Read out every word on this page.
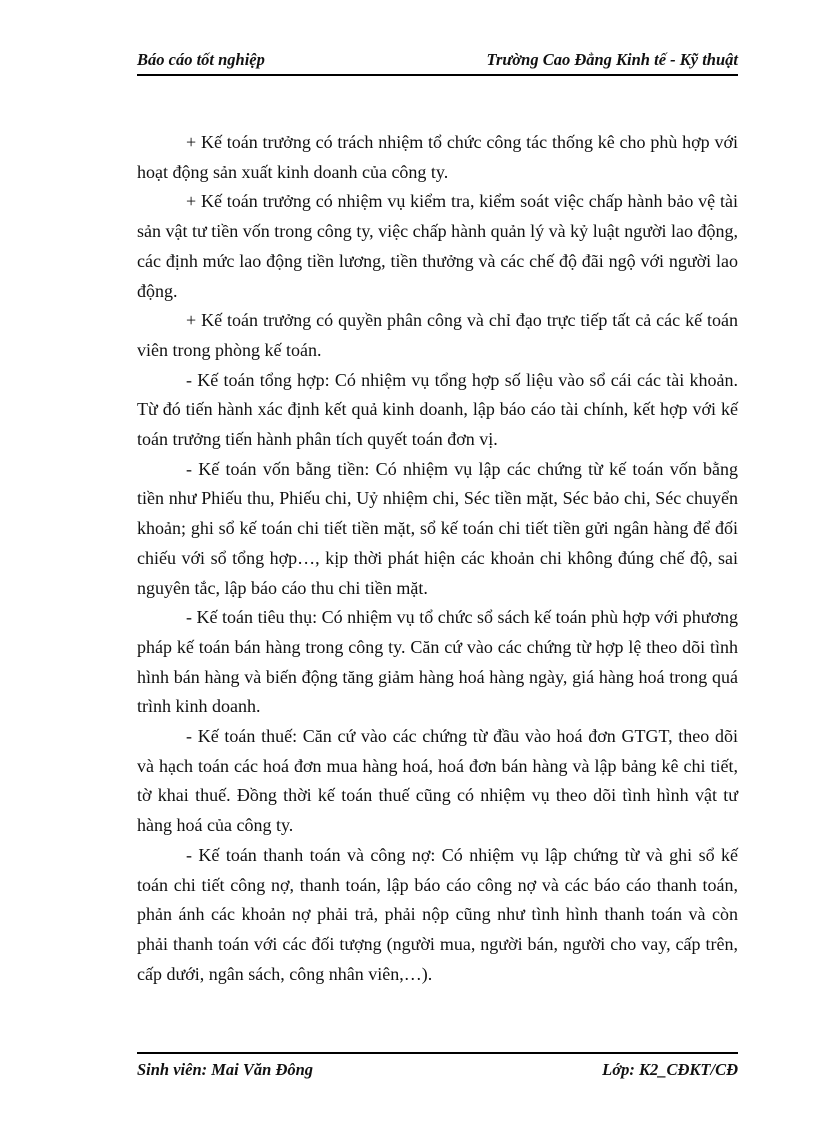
Báo cáo tốt nghiệp	Trường Cao Đẳng Kinh tế - Kỹ thuật

+ Kế toán trưởng có trách nhiệm tổ chức công tác thống kê cho phù hợp với hoạt động sản xuất kinh doanh của công ty.

+ Kế toán trưởng có nhiệm vụ kiểm tra, kiểm soát việc chấp hành bảo vệ tài sản vật tư tiền vốn trong công ty, việc chấp hành quản lý và kỷ luật người lao động, các định mức lao động tiền lương, tiền thưởng và các chế độ đãi ngộ với người lao động.

+ Kế toán trưởng có quyền phân công và chỉ đạo trực tiếp tất cả các kế toán viên trong phòng kế toán.

- Kế toán tổng hợp: Có nhiệm vụ tổng hợp số liệu vào sổ cái các tài khoản. Từ đó tiến hành xác định kết quả kinh doanh, lập báo cáo tài chính, kết hợp với kế toán trưởng tiến hành phân tích quyết toán đơn vị.

- Kế toán vốn bằng tiền: Có nhiệm vụ lập các chứng từ kế toán vốn bằng tiền như Phiếu thu, Phiếu chi, Uỷ nhiệm chi, Séc tiền mặt, Séc bảo chi, Séc chuyển khoản; ghi sổ kế toán chi tiết tiền mặt, sổ kế toán chi tiết tiền gửi ngân hàng để đối chiếu với sổ tổng hợp…, kịp thời phát hiện các khoản chi không đúng chế độ, sai nguyên tắc, lập báo cáo thu chi tiền mặt.

- Kế toán tiêu thụ: Có nhiệm vụ tổ chức sổ sách kế toán phù hợp với phương pháp kế toán bán hàng trong công ty. Căn cứ vào các chứng từ hợp lệ theo dõi tình hình bán hàng và biến động tăng giảm hàng hoá hàng ngày, giá hàng hoá trong quá trình kinh doanh.

- Kế toán thuế: Căn cứ vào các chứng từ đầu vào hoá đơn GTGT, theo dõi và hạch toán các hoá đơn mua hàng hoá, hoá đơn bán hàng và lập bảng kê chi tiết, tờ khai thuế. Đồng thời kế toán thuế cũng có nhiệm vụ theo dõi tình hình vật tư hàng hoá của công ty.

- Kế toán thanh toán và công nợ: Có nhiệm vụ lập chứng từ và ghi sổ kế toán chi tiết công nợ, thanh toán, lập báo cáo công nợ và các báo cáo thanh toán, phản ánh các khoản nợ phải trả, phải nộp cũng như tình hình thanh toán và còn phải thanh toán với các đối tượng (người mua, người bán, người cho vay, cấp trên, cấp dưới, ngân sách, công nhân viên,…).

Sinh viên: Mai Văn Đông	Lớp: K2_CĐKT/CĐ
